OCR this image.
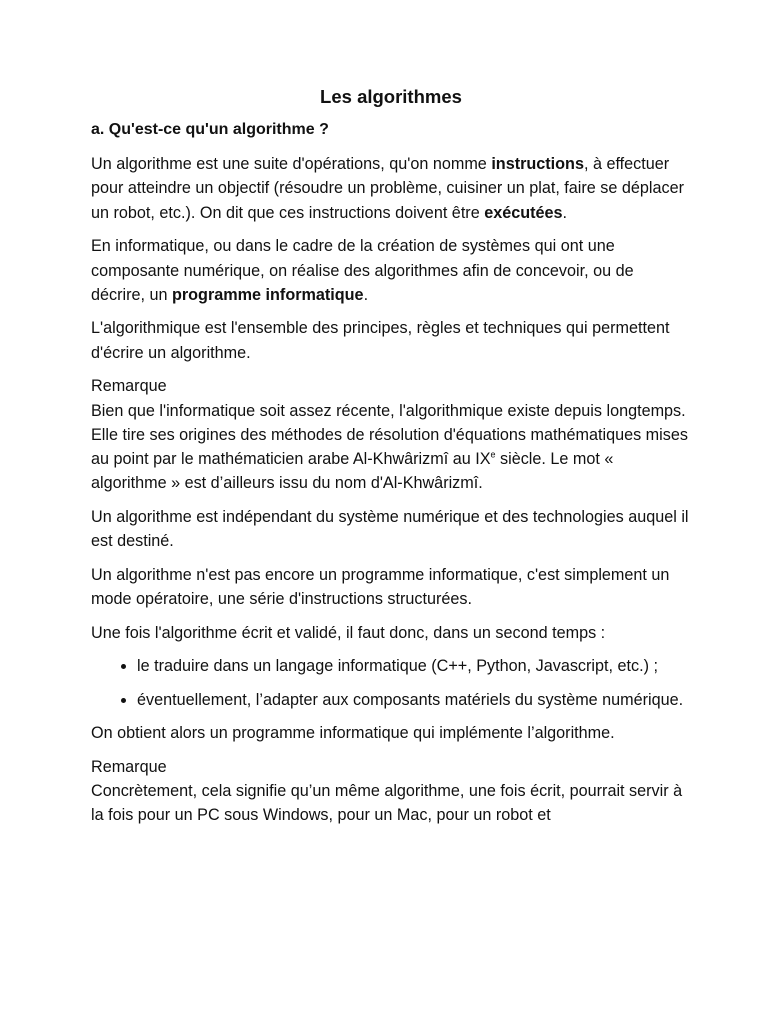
Les algorithmes
a. Qu'est-ce qu'un algorithme ?

Un algorithme est une suite d'opérations, qu'on nomme instructions, à effectuer pour atteindre un objectif (résoudre un problème, cuisiner un plat, faire se déplacer un robot, etc.). On dit que ces instructions doivent être exécutées.

En informatique, ou dans le cadre de la création de systèmes qui ont une composante numérique, on réalise des algorithmes afin de concevoir, ou de décrire, un programme informatique.

L'algorithmique est l'ensemble des principes, règles et techniques qui permettent d'écrire un algorithme.

Remarque
Bien que l'informatique soit assez récente, l'algorithmique existe depuis longtemps. Elle tire ses origines des méthodes de résolution d'équations mathématiques mises au point par le mathématicien arabe Al-Khwârizmî au IXe siècle. Le mot « algorithme » est d’ailleurs issu du nom d'Al-Khwârizmî.

Un algorithme est indépendant du système numérique et des technologies auquel il est destiné.

Un algorithme n'est pas encore un programme informatique, c'est simplement un mode opératoire, une série d'instructions structurées.

Une fois l'algorithme écrit et validé, il faut donc, dans un second temps :

• le traduire dans un langage informatique (C++, Python, Javascript, etc.) ;
• éventuellement, l’adapter aux composants matériels du système numérique.

On obtient alors un programme informatique qui implémente l’algorithme.

Remarque
Concrètement, cela signifie qu’un même algorithme, une fois écrit, pourrait servir à la fois pour un PC sous Windows, pour un Mac, pour un robot et
